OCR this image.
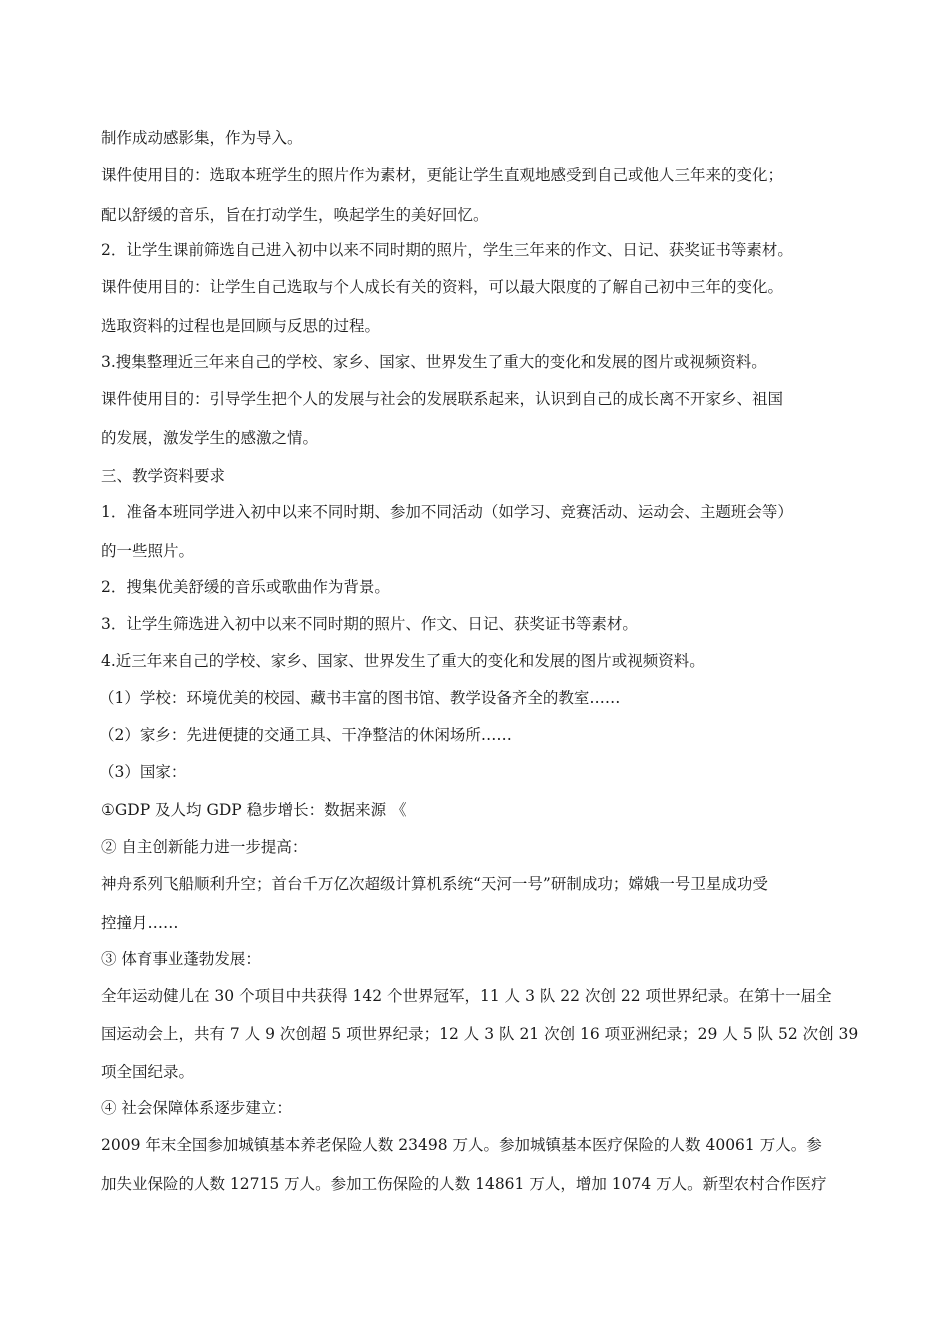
制作成动感影集，作为导入。
课件使用目的：选取本班学生的照片作为素材，更能让学生直观地感受到自己或他人三年来的变化；
配以舒缓的音乐，旨在打动学生，唤起学生的美好回忆。
2．让学生课前筛选自己进入初中以来不同时期的照片，学生三年来的作文、日记、获奖证书等素材。
课件使用目的：让学生自己选取与个人成长有关的资料，可以最大限度的了解自己初中三年的变化。
选取资料的过程也是回顾与反思的过程。
3.搜集整理近三年来自己的学校、家乡、国家、世界发生了重大的变化和发展的图片或视频资料。
课件使用目的：引导学生把个人的发展与社会的发展联系起来，认识到自己的成长离不开家乡、祖国
的发展，激发学生的感激之情。
三、教学资料要求
1．准备本班同学进入初中以来不同时期、参加不同活动（如学习、竞赛活动、运动会、主题班会等）
的一些照片。
2．搜集优美舒缓的音乐或歌曲作为背景。
3．让学生筛选进入初中以来不同时期的照片、作文、日记、获奖证书等素材。
4.近三年来自己的学校、家乡、国家、世界发生了重大的变化和发展的图片或视频资料。
（1）学校：环境优美的校园、藏书丰富的图书馆、教学设备齐全的教室……
（2）家乡：先进便捷的交通工具、干净整洁的休闲场所……
（3）国家：
①GDP 及人均 GDP 稳步增长：数据来源 《
② 自主创新能力进一步提高：
神舟系列飞船顺利升空；首台千万亿次超级计算机系统“天河一号”研制成功；嫦娥一号卫星成功受
控撞月……
③ 体育事业蓬勃发展：
全年运动健儿在 30 个项目中共获得 142 个世界冠军，11 人 3 队 22 次创 22 项世界纪录。在第十一届全
国运动会上，共有 7 人 9 次创超 5 项世界纪录；12 人 3 队 21 次创 16 项亚洲纪录；29 人 5 队 52 次创 39
项全国纪录。
④ 社会保障体系逐步建立：
2009 年末全国参加城镇基本养老保险人数 23498 万人。参加城镇基本医疗保险的人数 40061 万人。参
加失业保险的人数 12715 万人。参加工伤保险的人数 14861 万人，增加 1074 万人。新型农村合作医疗
